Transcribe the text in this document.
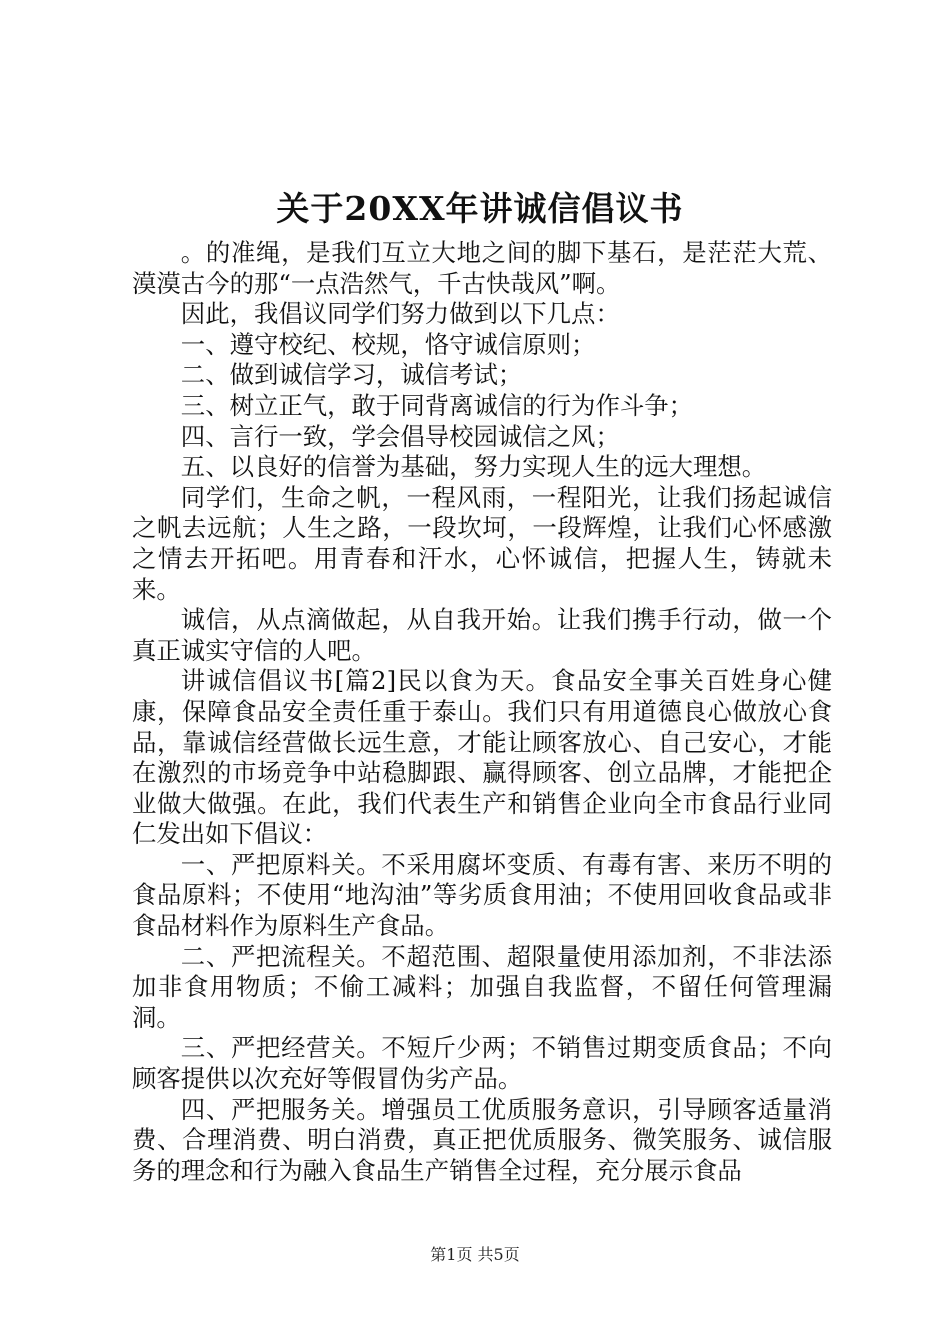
关于20XX年讲诚信倡议书

。的准绳，是我们互立大地之间的脚下基石，是茫茫大荒、漠漠古今的那“一点浩然气，千古快哉风”啊。

因此，我倡议同学们努力做到以下几点：

一、遵守校纪、校规，恪守诚信原则；

二、做到诚信学习，诚信考试；

三、树立正气，敢于同背离诚信的行为作斗争；

四、言行一致，学会倡导校园诚信之风；

五、以良好的信誉为基础，努力实现人生的远大理想。

同学们，生命之帆，一程风雨，一程阳光，让我们扬起诚信之帆去远航；人生之路，一段坎坷，一段辉煌，让我们心怀感激之情去开拓吧。用青春和汗水，心怀诚信，把握人生，铸就未来。

诚信，从点滴做起，从自我开始。让我们携手行动，做一个真正诚实守信的人吧。

讲诚信倡议书[篇2]民以食为天。食品安全事关百姓身心健康，保障食品安全责任重于泰山。我们只有用道德良心做放心食品，靠诚信经营做长远生意，才能让顾客放心、自己安心，才能在激烈的市场竞争中站稳脚跟、赢得顾客、创立品牌，才能把企业做大做强。在此，我们代表生产和销售企业向全市食品行业同仁发出如下倡议：

一、严把原料关。不采用腐坏变质、有毒有害、来历不明的食品原料；不使用“地沟油”等劣质食用油；不使用回收食品或非食品材料作为原料生产食品。

二、严把流程关。不超范围、超限量使用添加剂，不非法添加非食用物质；不偷工减料；加强自我监督，不留任何管理漏洞。

三、严把经营关。不短斤少两；不销售过期变质食品；不向顾客提供以次充好等假冒伪劣产品。

四、严把服务关。增强员工优质服务意识，引导顾客适量消费、合理消费、明白消费，真正把优质服务、微笑服务、诚信服务的理念和行为融入食品生产销售全过程，充分展示食品

第1页 共5页
